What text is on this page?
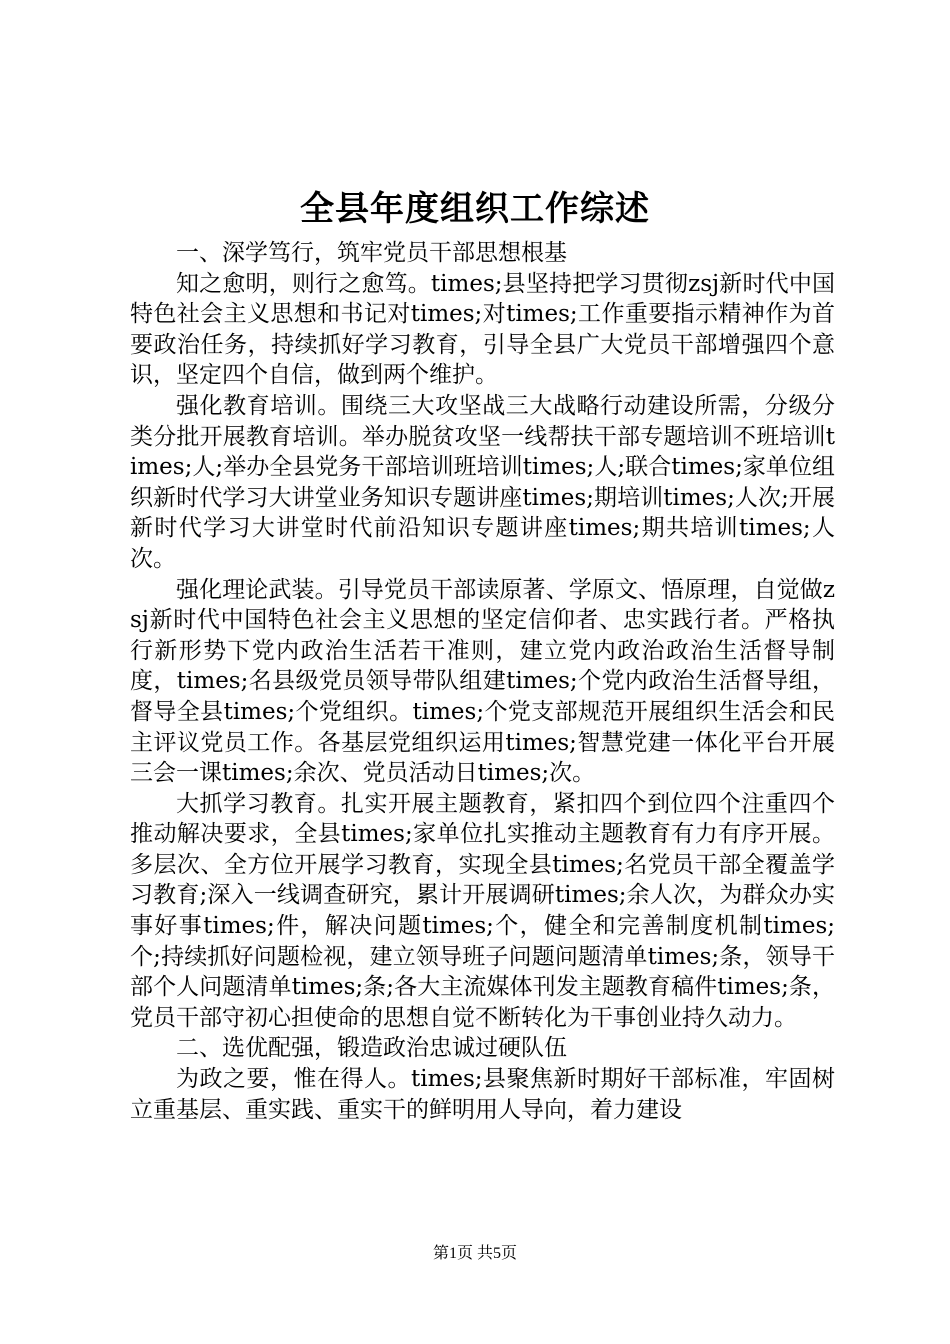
全县年度组织工作综述

一、深学笃行，筑牢党员干部思想根基

知之愈明，则行之愈笃。times;县坚持把学习贯彻zsj新时代中国特色社会主义思想和书记对times;对times;工作重要指示精神作为首要政治任务，持续抓好学习教育，引导全县广大党员干部增强四个意识，坚定四个自信，做到两个维护。

强化教育培训。围绕三大攻坚战三大战略行动建设所需，分级分类分批开展教育培训。举办脱贫攻坚一线帮扶干部专题培训不班培训times;人;举办全县党务干部培训班培训times;人;联合times;家单位组织新时代学习大讲堂业务知识专题讲座times;期培训times;人次;开展新时代学习大讲堂时代前沿知识专题讲座times;期共培训times;人次。

强化理论武装。引导党员干部读原著、学原文、悟原理，自觉做zsj新时代中国特色社会主义思想的坚定信仰者、忠实践行者。严格执行新形势下党内政治生活若干准则，建立党内政治政治生活督导制度，times;名县级党员领导带队组建times;个党内政治生活督导组，督导全县times;个党组织。times;个党支部规范开展组织生活会和民主评议党员工作。各基层党组织运用times;智慧党建一体化平台开展三会一课times;余次、党员活动日times;次。

大抓学习教育。扎实开展主题教育，紧扣四个到位四个注重四个推动解决要求，全县times;家单位扎实推动主题教育有力有序开展。多层次、全方位开展学习教育，实现全县times;名党员干部全覆盖学习教育;深入一线调查研究，累计开展调研times;余人次，为群众办实事好事times;件，解决问题times;个，健全和完善制度机制times;个;持续抓好问题检视，建立领导班子问题问题清单times;条，领导干部个人问题清单times;条;各大主流媒体刊发主题教育稿件times;条，党员干部守初心担使命的思想自觉不断转化为干事创业持久动力。

二、选优配强，锻造政治忠诚过硬队伍

为政之要，惟在得人。times;县聚焦新时期好干部标准，牢固树立重基层、重实践、重实干的鲜明用人导向，着力建设

第1页 共5页
